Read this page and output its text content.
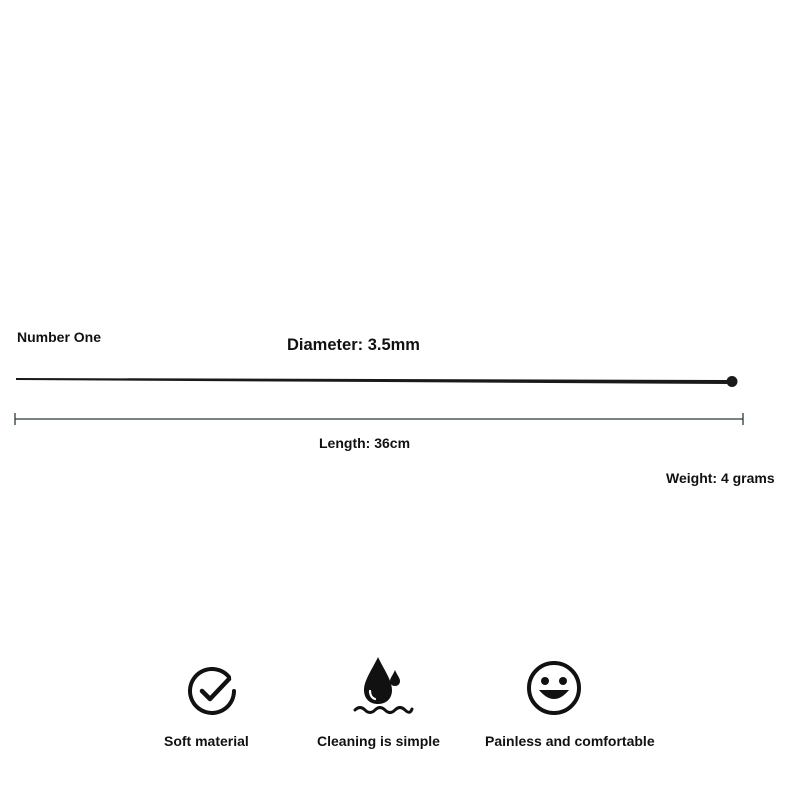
Number One	Diameter: 3.5mm
Length: 36cm
Weight: 4 grams
Soft material	Cleaning is simple	Painless and comfortable
